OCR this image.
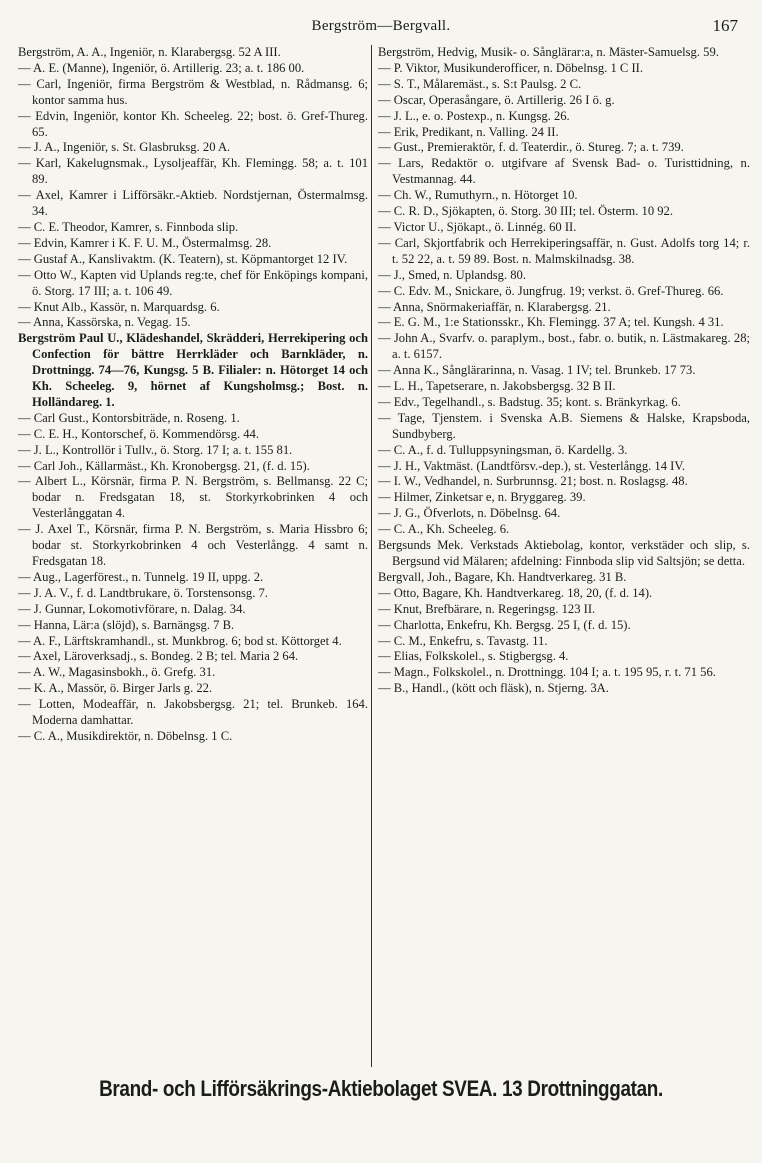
Bergström—Bergvall.	167
Bergström, A. A., Ingeniör, n. Klarabergsg. 52 A III.
— A. E. (Manne), Ingeniör, ö. Artillerig. 23; a. t. 186 00.
— Carl, Ingeniör, firma Bergström & Westblad, n. Rådmansg. 6; kontor samma hus.
— Edvin, Ingeniör, kontor Kh. Scheeleg. 22; bost. ö. Gref-Thureg. 65.
— J. A., Ingeniör, s. St. Glasbruksg. 20 A.
— Karl, Kakelugnsmak., Lysoljeaffär, Kh. Flemingg. 58; a. t. 101 89.
— Axel, Kamrer i Lifförsäkr.-Aktieb. Nordstjernan, Östermalmsg. 34.
— C. E. Theodor, Kamrer, s. Finnboda slip.
— Edvin, Kamrer i K. F. U. M., Östermalmsg. 28.
— Gustaf A., Kanslivaktm. (K. Teatern), st. Köpmantorget 12 IV.
— Otto W., Kapten vid Uplands reg:te, chef för Enköpings kompani, ö. Storg. 17 III; a. t. 106 49.
— Knut Alb., Kassör, n. Marquardsg. 6.
— Anna, Kassörska, n. Vegag. 15.
Bergström Paul U., Klädeshandel, Skrädderi, Herrekipering och Confection för bättre Herrkläder och Barnkläder, n. Drottningg. 74—76, Kungsg. 5 B. Filialer: n. Hötorget 14 och Kh. Scheeleg. 9, hörnet af Kungsholmsg.; Bost. n. Holländareg. 1.
— Carl Gust., Kontorsbiträde, n. Roseng. 1.
— C. E. H., Kontorschef, ö. Kommendörsg. 44.
— J. L., Kontrollör i Tullv., ö. Storg. 17 I; a. t. 155 81.
— Carl Joh., Källarmäst., Kh. Kronobergsg. 21, (f. d. 15).
— Albert L., Körsnär, firma P. N. Bergström, s. Bellmansg. 22 C; bodar n. Fredsgatan 18, st. Storkyrkobrinken 4 och Vesterlånggatan 4.
— J. Axel T., Körsnär, firma P. N. Bergström, s. Maria Hissbro 6; bodar st. Storkyrkobrinken 4 och Vesterlångg. 4 samt n. Fredsgatan 18.
— Aug., Lagerförest., n. Tunnelg. 19 II, uppg. 2.
— J. A. V., f. d. Landtbrukare, ö. Torstensonsg. 7.
— J. Gunnar, Lokomotivförare, n. Dalag. 34.
— Hanna, Lär:a (slöjd), s. Barnängsg. 7 B.
— A. F., Lärftskramhandl., st. Munkbrog. 6; bod st. Köttorget 4.
— Axel, Läroverksadj., s. Bondeg. 2 B; tel. Maria 2 64.
— A. W., Magasinsbokh., ö. Grefg. 31.
— K. A., Massör, ö. Birger Jarls g. 22.
— Lotten, Modeaffär, n. Jakobsbergsg. 21; tel. Brunkeb. 164. Moderna damhattar.
— C. A., Musikdirektör, n. Döbelnsg. 1 C.
Bergström, Hedvig, Musik- o. Sånglärar:a, n. Mäster-Samuelsg. 59.
— P. Viktor, Musikunderofficer, n. Döbelnsg. 1 C II.
— S. T., Målaremäst., s. S:t Paulsg. 2 C.
— Oscar, Operasångare, ö. Artillerig. 26 I ö. g.
— J. L., e. o. Postexp., n. Kungsg. 26.
— Erik, Predikant, n. Valling. 24 II.
— Gust., Premieraktör, f. d. Teaterdir., ö. Stureg. 7; a. t. 739.
— Lars, Redaktör o. utgifvare af Svensk Bad- o. Turisttidning, n. Vestmannag. 44.
— Ch. W., Rumuthyrn., n. Hötorget 10.
— C. R. D., Sjökapten, ö. Storg. 30 III; tel. Österm. 10 92.
— Victor U., Sjökapt., ö. Linnég. 60 II.
— Carl, Skjortfabrik och Herrekiperingsaffär, n. Gust. Adolfs torg 14; r. t. 52 22, a. t. 59 89. Bost. n. Malmskilnadsg. 38.
— J., Smed, n. Uplandsg. 80.
— C. Edv. M., Snickare, ö. Jungfrug. 19; verkst. ö. Gref-Thureg. 66.
— Anna, Snörmakeriaffär, n. Klarabergsg. 21.
— E. G. M., 1:e Stationsskr., Kh. Flemingg. 37 A; tel. Kungsh. 4 31.
— John A., Svarfv. o. paraplym., bost., fabr. o. butik, n. Lästmakareg. 28; a. t. 6157.
— Anna K., Sånglärarinna, n. Vasag. 1 IV; tel. Brunkeb. 17 73.
— L. H., Tapetserare, n. Jakobsbergsg. 32 B II.
— Edv., Tegelhandl., s. Badstug. 35; kont. s. Bränkyrkag. 6.
— Tage, Tjenstem. i Svenska A.B. Siemens & Halske, Krapsboda, Sundbyberg.
— C. A., f. d. Tulluppsyningsman, ö. Kardellg. 3.
— J. H., Vaktmäst. (Landtförsv.-dep.), st. Vesterlångg. 14 IV.
— I. W., Vedhandel, n. Surbrunnsg. 21; bost. n. Roslagsg. 48.
— Hilmer, Zinketsar e, n. Bryggareg. 39.
— J. G., Öfverlots, n. Döbelnsg. 64.
— C. A., Kh. Scheeleg. 6.
Bergsunds Mek. Verkstads Aktiebolag, kontor, verkstäder och slip, s. Bergsund vid Mälaren; afdelning: Finnboda slip vid Saltsjön; se detta.
Bergvall, Joh., Bagare, Kh. Handtverkareg. 31 B.
— Otto, Bagare, Kh. Handtverkareg. 18, 20, (f. d. 14).
— Knut, Brefbärare, n. Regeringsg. 123 II.
— Charlotta, Enkefru, Kh. Bergsg. 25 I, (f. d. 15).
— C. M., Enkefru, s. Tavastg. 11.
— Elias, Folkskolel., s. Stigbergsg. 4.
— Magn., Folkskolel., n. Drottningg. 104 I; a. t. 195 95, r. t. 71 56.
— B., Handl., (kött och fläsk), n. Stjerng. 3A.
Brand- och Lifförsäkrings-Aktiebolaget SVEA. 13 Drottninggatan.
